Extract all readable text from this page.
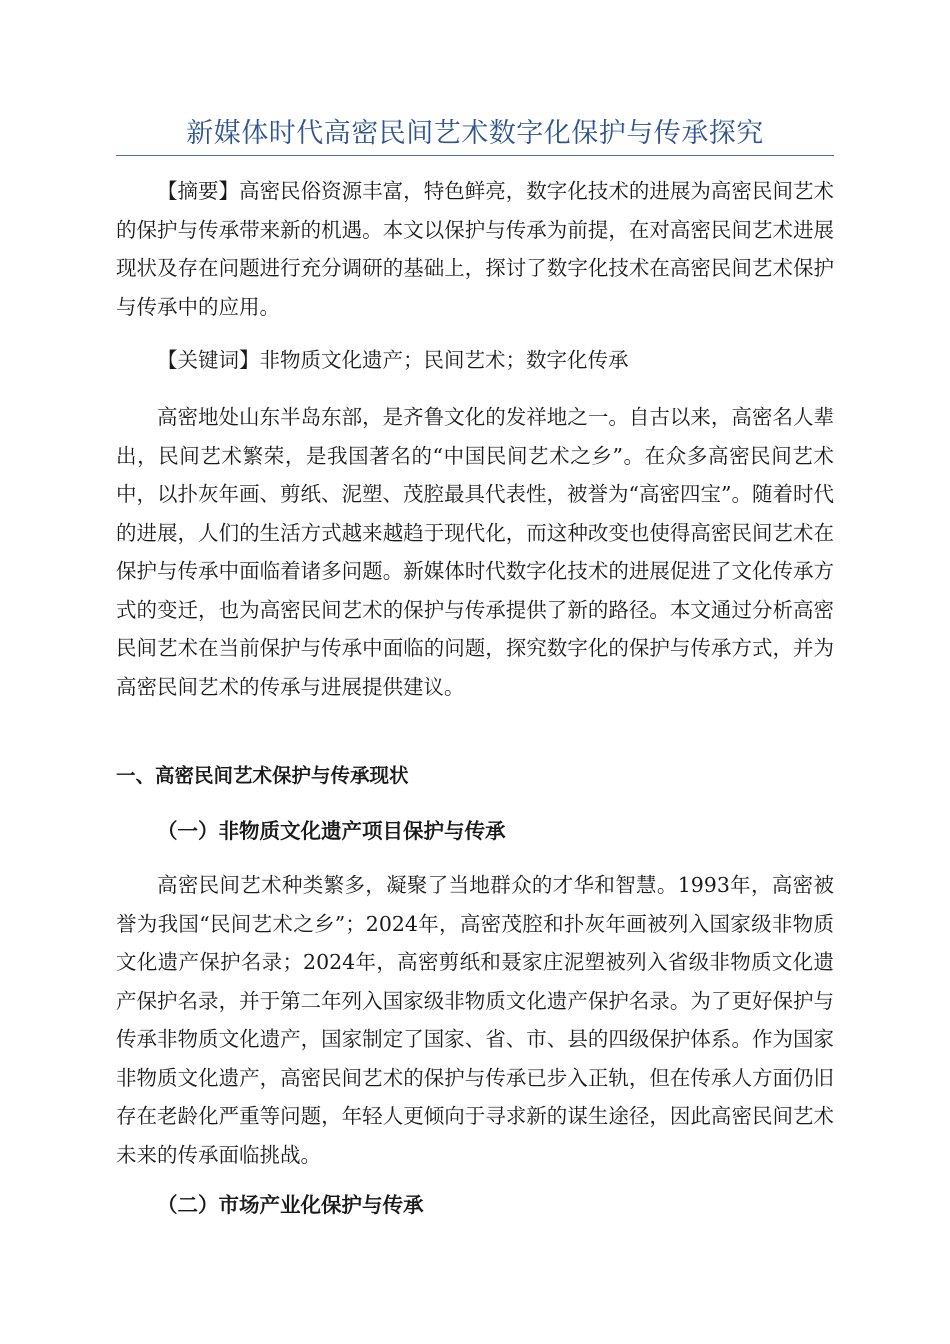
新媒体时代高密民间艺术数字化保护与传承探究

【摘要】高密民俗资源丰富，特色鲜亮，数字化技术的进展为高密民间艺术的保护与传承带来新的机遇。本文以保护与传承为前提，在对高密民间艺术进展现状及存在问题进行充分调研的基础上，探讨了数字化技术在高密民间艺术保护与传承中的应用。

【关键词】非物质文化遗产；民间艺术；数字化传承

高密地处山东半岛东部，是齐鲁文化的发祥地之一。自古以来，高密名人辈出，民间艺术繁荣，是我国著名的“中国民间艺术之乡”。在众多高密民间艺术中，以扑灰年画、剪纸、泥塑、茂腔最具代表性，被誉为“高密四宝”。随着时代的进展，人们的生活方式越来越趋于现代化，而这种改变也使得高密民间艺术在保护与传承中面临着诸多问题。新媒体时代数字化技术的进展促进了文化传承方式的变迁，也为高密民间艺术的保护与传承提供了新的路径。本文通过分析高密民间艺术在当前保护与传承中面临的问题，探究数字化的保护与传承方式，并为高密民间艺术的传承与进展提供建议。

一、高密民间艺术保护与传承现状
（一）非物质文化遗产项目保护与传承

高密民间艺术种类繁多，凝聚了当地群众的才华和智慧。1993年，高密被誉为我国“民间艺术之乡”；2024年，高密茂腔和扑灰年画被列入国家级非物质文化遗产保护名录；2024年，高密剪纸和聂家庄泥塑被列入省级非物质文化遗产保护名录，并于第二年列入国家级非物质文化遗产保护名录。为了更好保护与传承非物质文化遗产，国家制定了国家、省、市、县的四级保护体系。作为国家非物质文化遗产，高密民间艺术的保护与传承已步入正轨，但在传承人方面仍旧存在老龄化严重等问题，年轻人更倾向于寻求新的谋生途径，因此高密民间艺术未来的传承面临挑战。

（二）市场产业化保护与传承
